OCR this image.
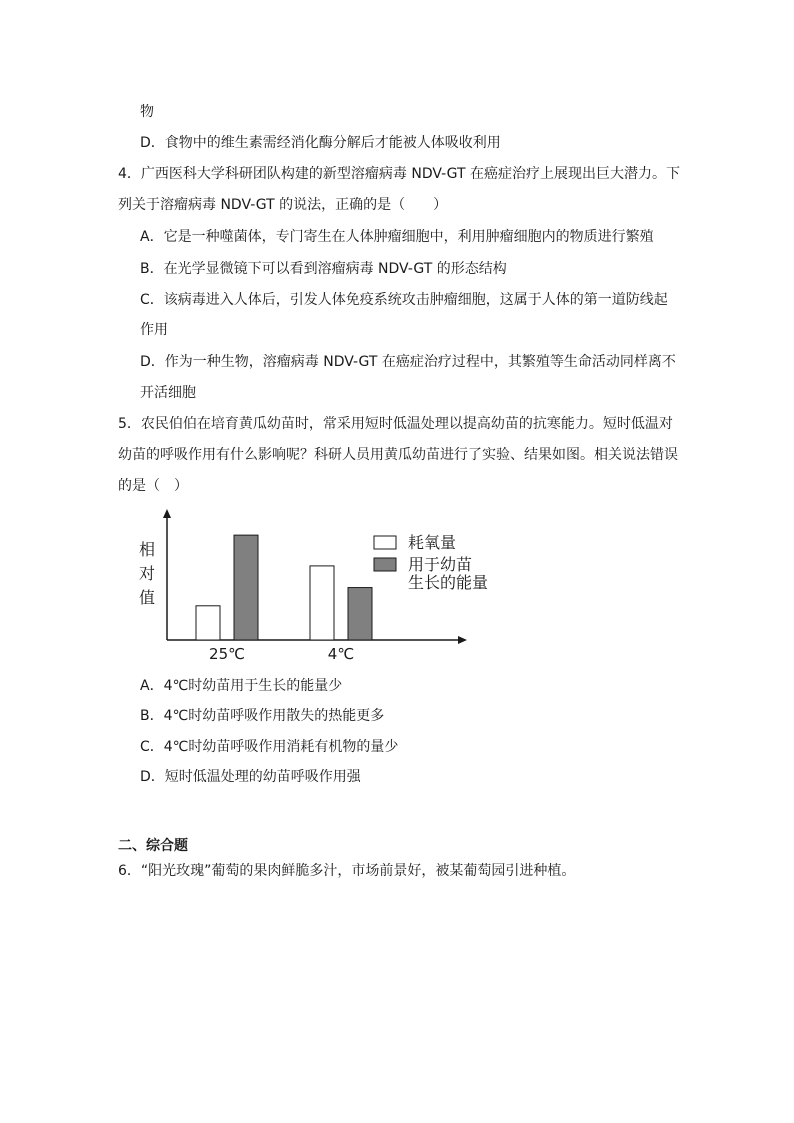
物
D．食物中的维生素需经消化酶分解后才能被人体吸收利用
4．广西医科大学科研团队构建的新型溶瘤病毒 NDV-GT 在癌症治疗上展现出巨大潜力。下
列关于溶瘤病毒 NDV-GT 的说法，正确的是（　　）
A．它是一种噬菌体，专门寄生在人体肿瘤细胞中，利用肿瘤细胞内的物质进行繁殖
B．在光学显微镜下可以看到溶瘤病毒 NDV-GT 的形态结构
C．该病毒进入人体后，引发人体免疫系统攻击肿瘤细胞，这属于人体的第一道防线起
作用
D．作为一种生物，溶瘤病毒 NDV-GT 在癌症治疗过程中，其繁殖等生命活动同样离不
开活细胞
5．农民伯伯在培育黄瓜幼苗时，常采用短时低温处理以提高幼苗的抗寒能力。短时低温对
幼苗的呼吸作用有什么影响呢？科研人员用黄瓜幼苗进行了实验、结果如图。相关说法错误
的是（　）
相
对
值
25℃	4℃
耗氧量
用于幼苗
生长的能量
A．4℃时幼苗用于生长的能量少
B．4℃时幼苗呼吸作用散失的热能更多
C．4℃时幼苗呼吸作用消耗有机物的量少
D．短时低温处理的幼苗呼吸作用强
二、综合题
6．“阳光玫瑰”葡萄的果肉鲜脆多汁，市场前景好，被某葡萄园引进种植。
